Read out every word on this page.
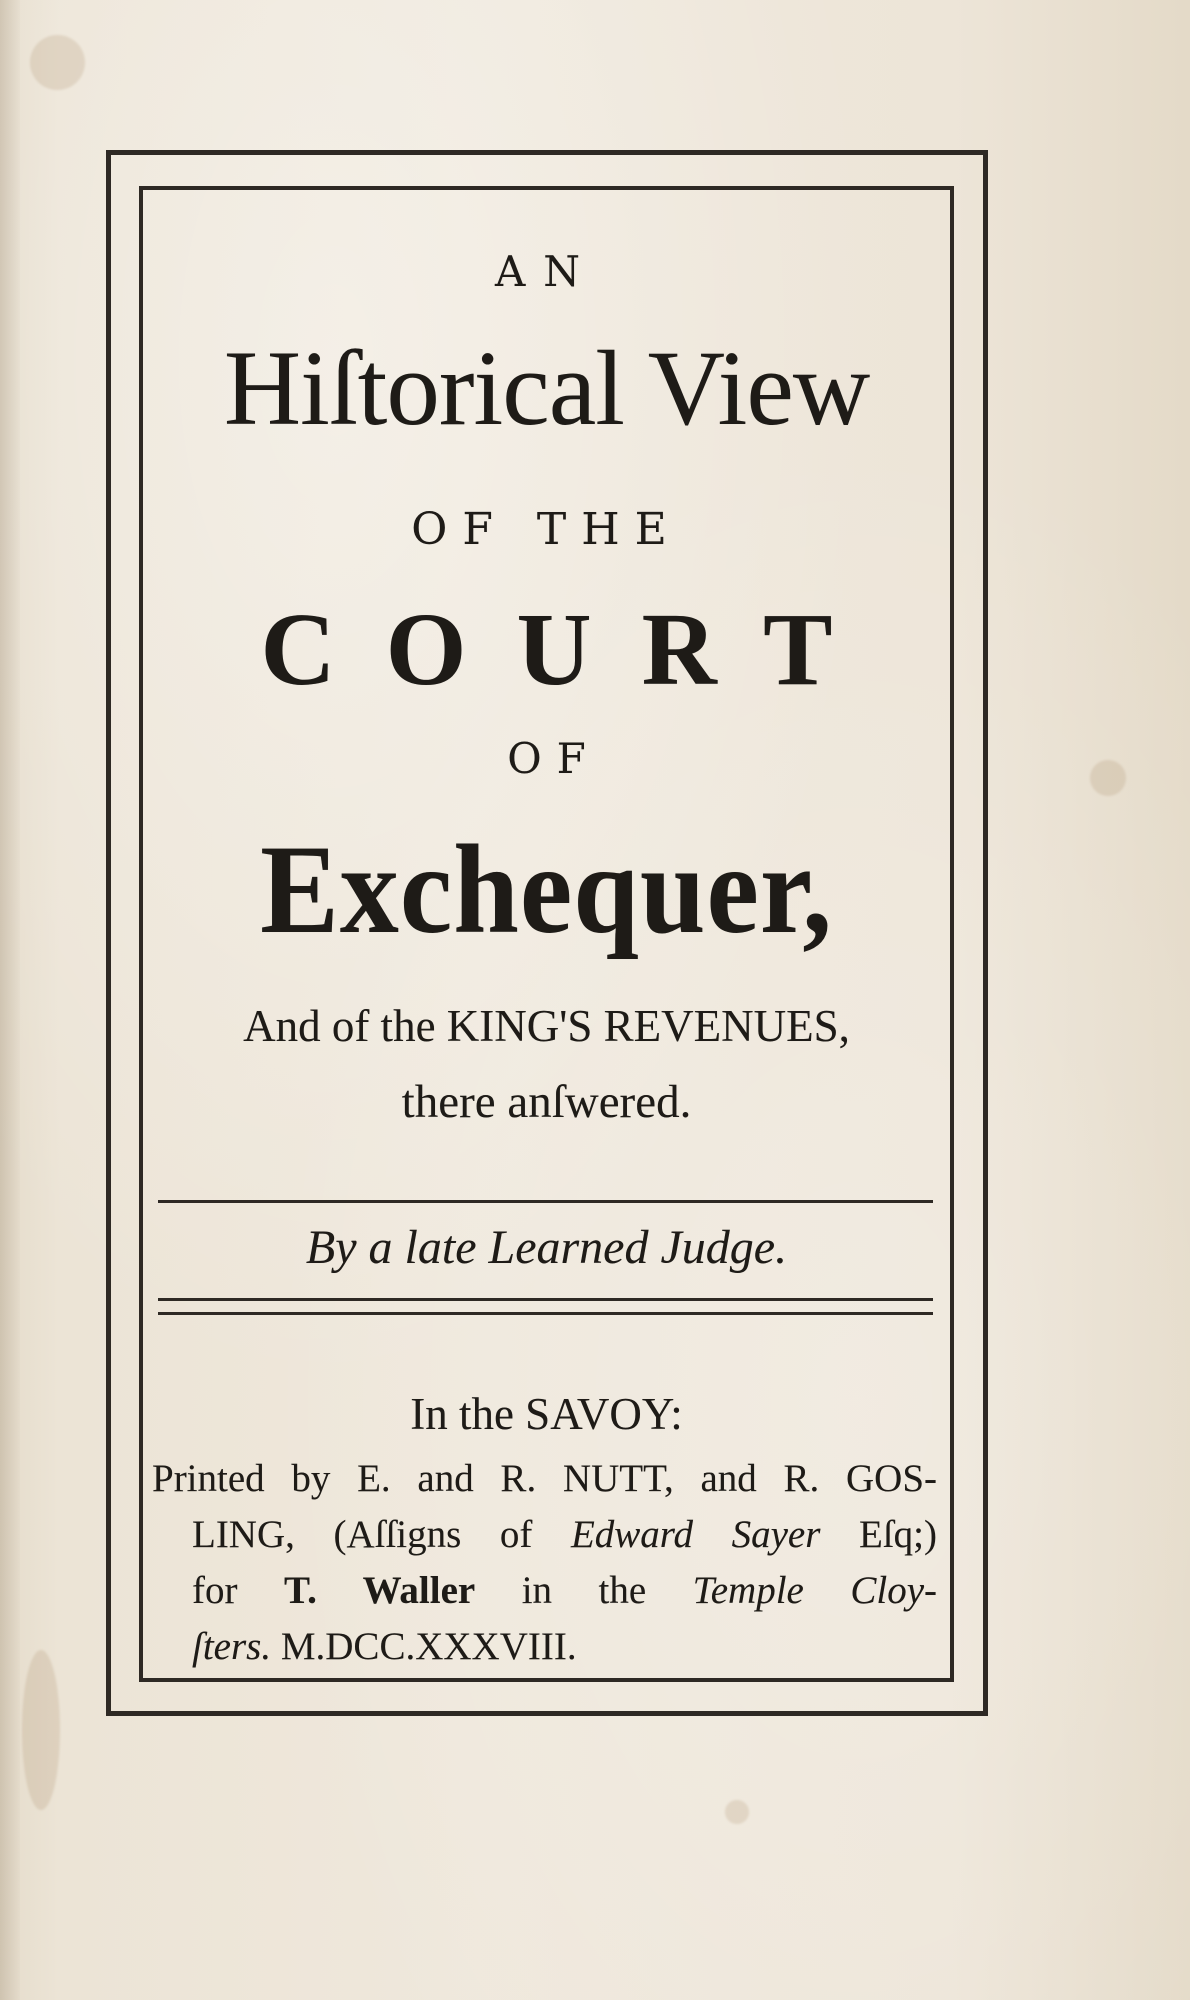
AN
Hiſtorical View
OF THE
COURT
OF
Exchequer,
And of the KING'S REVENUES,
there anſwered.
By a late Learned Judge.
In the SAVOY:
Printed by E. and R. NUTT, and R. GOS-
LING, (Aſſigns of Edward Sayer Eſq;)
for T. Waller in the Temple Cloy-
ſters. M.DCC.XXXVIII.
